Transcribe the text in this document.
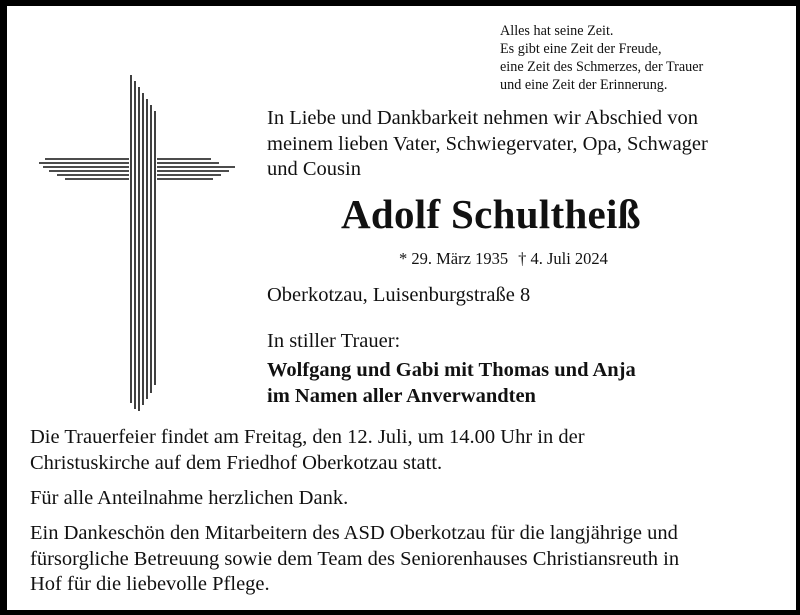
Alles hat seine Zeit.
Es gibt eine Zeit der Freude,
eine Zeit des Schmerzes, der Trauer
und eine Zeit der Erinnerung.
In Liebe und Dankbarkeit nehmen wir Abschied von
meinem lieben Vater, Schwiegervater, Opa, Schwager
und Cousin
Adolf Schultheiß
* 29. März 1935 † 4. Juli 2024
Oberkotzau, Luisenburgstraße 8
In stiller Trauer:
Wolfgang und Gabi mit Thomas und Anja
im Namen aller Anverwandten
Die Trauerfeier findet am Freitag, den 12. Juli, um 14.00 Uhr in der
Christuskirche auf dem Friedhof Oberkotzau statt.
Für alle Anteilnahme herzlichen Dank.
Ein Dankeschön den Mitarbeitern des ASD Oberkotzau für die langjährige und
fürsorgliche Betreuung sowie dem Team des Seniorenhauses Christiansreuth in
Hof für die liebevolle Pflege.
